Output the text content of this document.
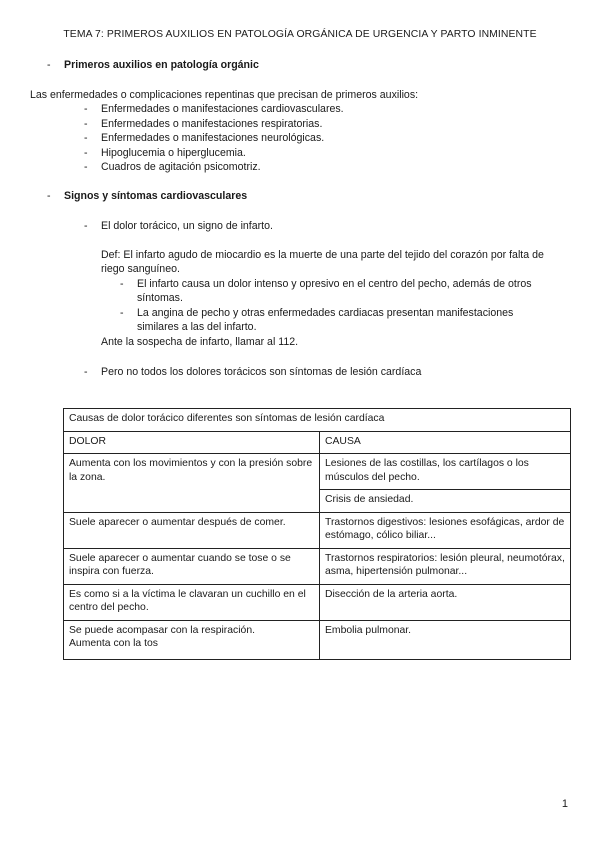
TEMA 7: PRIMEROS AUXILIOS EN PATOLOGÍA ORGÁNICA DE URGENCIA Y PARTO INMINENTE
- Primeros auxilios en patología orgánic
Las enfermedades o complicaciones repentinas que precisan de primeros auxilios:
- Enfermedades o manifestaciones cardiovasculares.
- Enfermedades o manifestaciones respiratorias.
- Enfermedades o manifestaciones neurológicas.
- Hipoglucemia o hiperglucemia.
- Cuadros de agitación psicomotriz.
- Signos y síntomas cardiovasculares
- El dolor torácico, un signo de infarto.
Def: El infarto agudo de miocardio es la muerte de una parte del tejido del corazón por falta de
riego sanguíneo.
- El infarto causa un dolor intenso y opresivo en el centro del pecho, además de otros
síntomas.
- La angina de pecho y otras enfermedades cardiacas presentan manifestaciones
similares a las del infarto.
Ante la sospecha de infarto, llamar al 112.
- Pero no todos los dolores torácicos son síntomas de lesión cardíaca
Causas de dolor torácico diferentes son síntomas de lesión cardíaca	
DOLOR	CAUSA
Aumenta con los movimientos y con la presión sobre la zona.	Lesiones de las costillas, los cartílagos o los músculos del pecho.
	Crisis de ansiedad.
Suele aparecer o aumentar después de comer.	Trastornos digestivos: lesiones esofágicas, ardor de estómago, cólico biliar...
Suele aparecer o aumentar cuando se tose o se inspira con fuerza.	Trastornos respiratorios: lesión pleural, neumotórax, asma, hipertensión pulmonar...
Es como si a la víctima le clavaran un cuchillo en el centro del pecho.	Disección de la arteria aorta.

Se puede acompasar con la respiración.
Aumenta con la tos	Embolia pulmonar.
1
